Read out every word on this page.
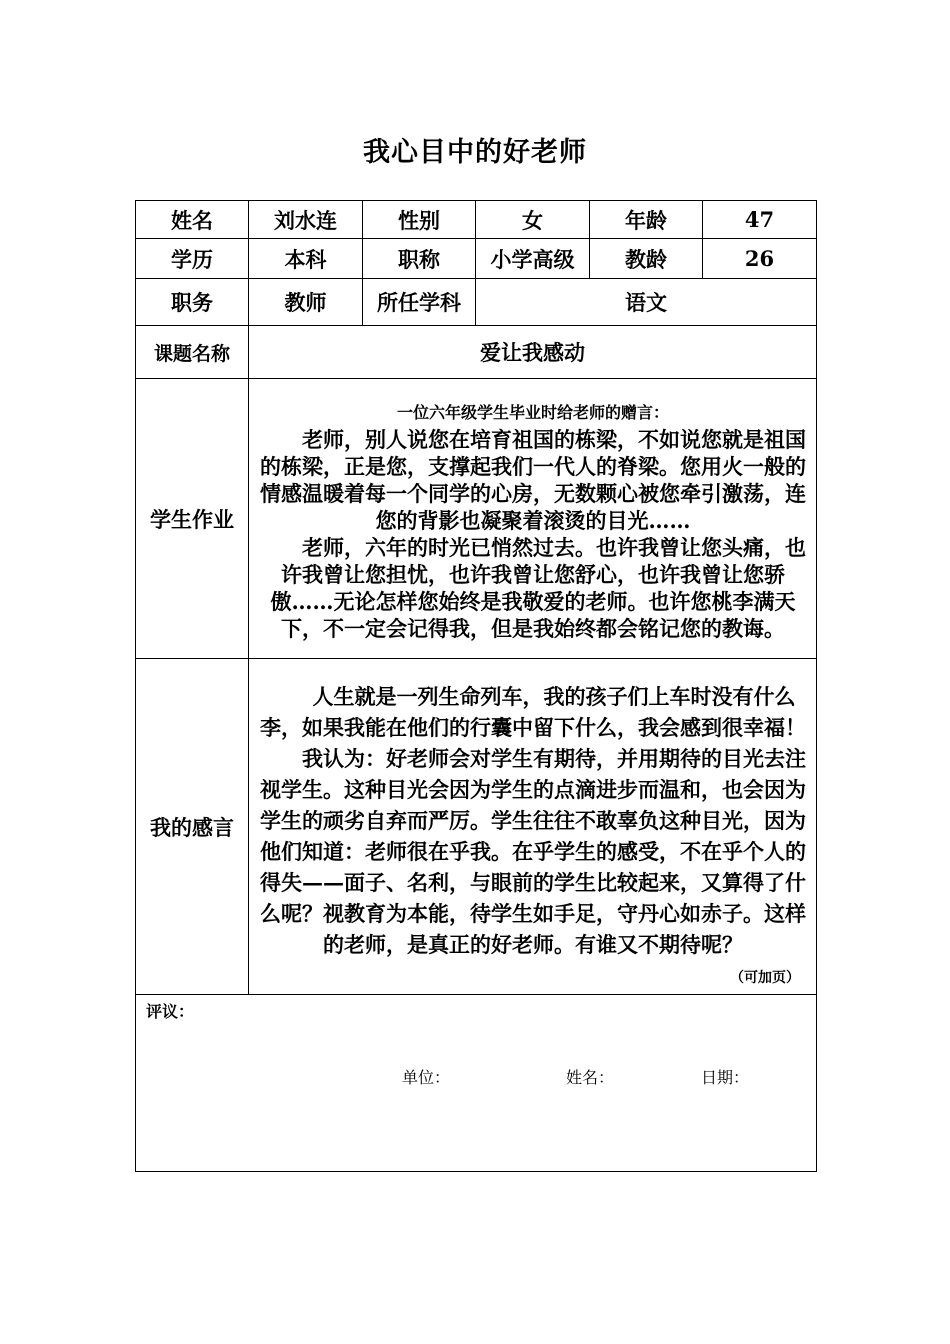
我心目中的好老师
姓名	刘水连	性别	女	年龄	47
学历	本科	职称	小学高级	教龄	26
职务	教师	所任学科	语文		
课题名称	爱让我感动				
学生作业	一位六年级学生毕业时给老师的赠言：

老师，别人说您在培育祖国的栋梁，不如说您就是祖国的栋梁，正是您，支撑起我们一代人的脊梁。您用火一般的情感温暖着每一个同学的心房，无数颗心被您牵引激荡，连您的背影也凝聚着滚烫的目光……

老师，六年的时光已悄然过去。也许我曾让您头痛，也许我曾让您担忧，也许我曾让您舒心，也许我曾让您骄傲……无论怎样您始终是我敬爱的老师。也许您桃李满天下，不一定会记得我，但是我始终都会铭记您的教诲。				

我的感言	人生就是一列生命列车，我的孩子们上车时没有什么李，如果我能在他们的行囊中留下什么，我会感到很幸福！

我认为：好老师会对学生有期待，并用期待的目光去注视学生。这种目光会因为学生的点滴进步而温和，也会因为学生的顽劣自弃而严厉。学生往往不敢辜负这种目光，因为他们知道：老师很在乎我。在乎学生的感受，不在乎个人的得失——面子、名利，与眼前的学生比较起来，又算得了什么呢？视教育为本能，待学生如手足，守丹心如赤子。这样的老师，是真正的好老师。有谁又不期待呢？

（可加页）				

评议：
单位： 姓名： 日期：					
